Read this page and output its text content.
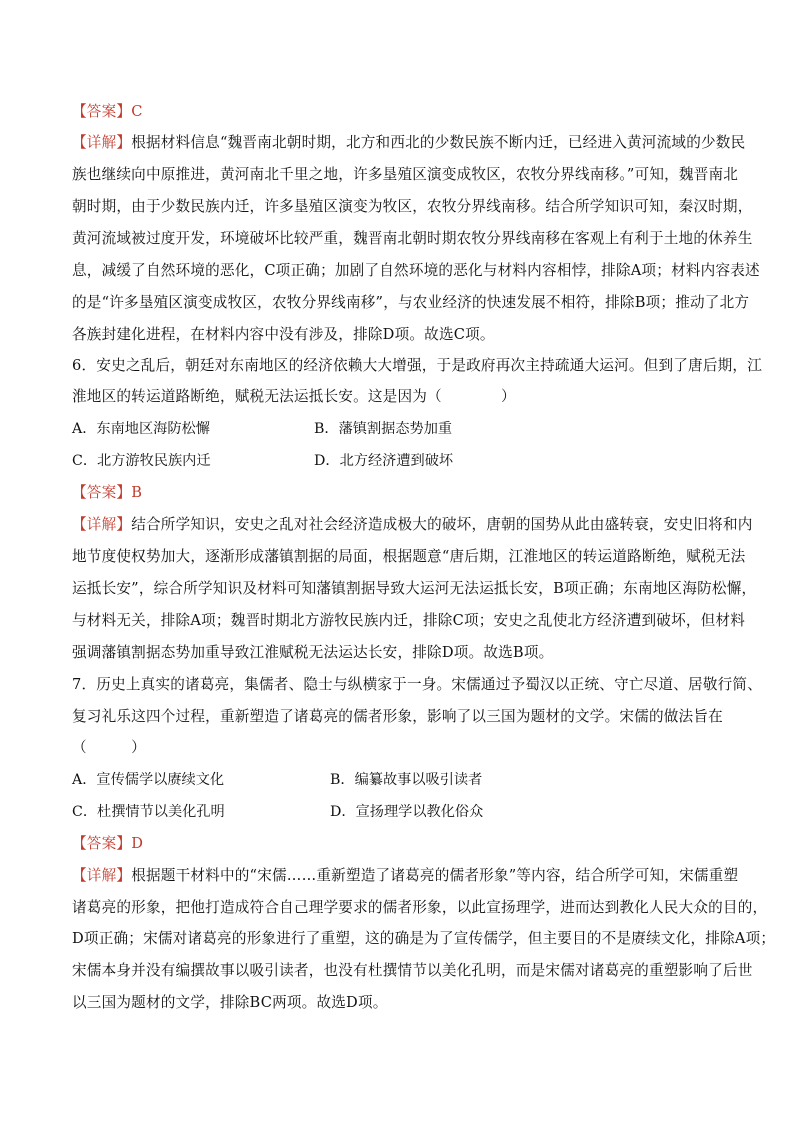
【答案】C
【详解】根据材料信息“魏晋南北朝时期，北方和西北的少数民族不断内迁，已经进入黄河流域的少数民
族也继续向中原推进，黄河南北千里之地，许多垦殖区演变成牧区，农牧分界线南移。”可知，魏晋南北
朝时期，由于少数民族内迁，许多垦殖区演变为牧区，农牧分界线南移。结合所学知识可知，秦汉时期，
黄河流域被过度开发，环境破坏比较严重，魏晋南北朝时期农牧分界线南移在客观上有利于土地的休养生
息，减缓了自然环境的恶化，C项正确；加剧了自然环境的恶化与材料内容相悖，排除A项；材料内容表述
的是“许多垦殖区演变成牧区，农牧分界线南移”，与农业经济的快速发展不相符，排除B项；推动了北方
各族封建化进程，在材料内容中没有涉及，排除D项。故选C项。
6．安史之乱后，朝廷对东南地区的经济依赖大大增强，于是政府再次主持疏通大运河。但到了唐后期，江
淮地区的转运道路断绝，赋税无法运抵长安。这是因为（　　　　）
A．东南地区海防松懈	B．藩镇割据态势加重
C．北方游牧民族内迁	D．北方经济遭到破坏
【答案】B
【详解】结合所学知识，安史之乱对社会经济造成极大的破坏，唐朝的国势从此由盛转衰，安史旧将和内
地节度使权势加大，逐渐形成藩镇割据的局面，根据题意“唐后期，江淮地区的转运道路断绝，赋税无法
运抵长安”，综合所学知识及材料可知藩镇割据导致大运河无法运抵长安，B项正确；东南地区海防松懈，
与材料无关，排除A项；魏晋时期北方游牧民族内迁，排除C项；安史之乱使北方经济遭到破坏，但材料
强调藩镇割据态势加重导致江淮赋税无法运达长安，排除D项。故选B项。
7．历史上真实的诸葛亮，集儒者、隐士与纵横家于一身。宋儒通过予蜀汉以正统、守亡尽道、居敬行简、
复习礼乐这四个过程，重新塑造了诸葛亮的儒者形象，影响了以三国为题材的文学。宋儒的做法旨在
（　　　）
A．宣传儒学以赓续文化	B．编纂故事以吸引读者
C．杜撰情节以美化孔明	D．宣扬理学以教化俗众
【答案】D
【详解】根据题干材料中的“宋儒……重新塑造了诸葛亮的儒者形象”等内容，结合所学可知，宋儒重塑
诸葛亮的形象，把他打造成符合自己理学要求的儒者形象，以此宣扬理学，进而达到教化人民大众的目的，
D项正确；宋儒对诸葛亮的形象进行了重塑，这的确是为了宣传儒学，但主要目的不是赓续文化，排除A项；
宋儒本身并没有编撰故事以吸引读者，也没有杜撰情节以美化孔明，而是宋儒对诸葛亮的重塑影响了后世
以三国为题材的文学，排除BC两项。故选D项。
